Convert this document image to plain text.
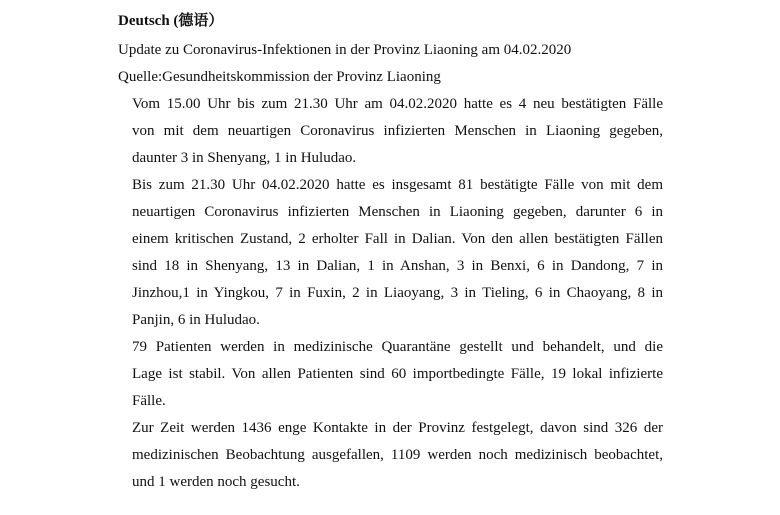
Deutsch (德语）
Update zu Coronavirus-Infektionen in der Provinz Liaoning am 04.02.2020
Quelle:Gesundheitskommission der Provinz Liaoning
Vom 15.00 Uhr bis zum 21.30 Uhr am 04.02.2020 hatte es 4 neu bestätigten Fälle
von mit dem neuartigen Coronavirus infizierten Menschen in Liaoning gegeben,
daunter 3 in Shenyang, 1 in Huludao.
Bis zum 21.30 Uhr 04.02.2020 hatte es insgesamt 81 bestätigte Fälle von mit dem
neuartigen Coronavirus infizierten Menschen in Liaoning gegeben, darunter 6 in
einem kritischen Zustand, 2 erholter Fall in Dalian. Von den allen bestätigten Fällen
sind 18 in Shenyang, 13 in Dalian, 1 in Anshan, 3 in Benxi, 6 in Dandong, 7 in
Jinzhou,1 in Yingkou, 7 in Fuxin, 2 in Liaoyang, 3 in Tieling, 6 in Chaoyang, 8 in
Panjin, 6 in Huludao.
79 Patienten werden in medizinische Quarantäne gestellt und behandelt, und die
Lage ist stabil. Von allen Patienten sind 60 importbedingte Fälle, 19 lokal infizierte
Fälle.
Zur Zeit werden 1436 enge Kontakte in der Provinz festgelegt, davon sind 326 der
medizinischen Beobachtung ausgefallen, 1109 werden noch medizinisch beobachtet,
und 1 werden noch gesucht.
